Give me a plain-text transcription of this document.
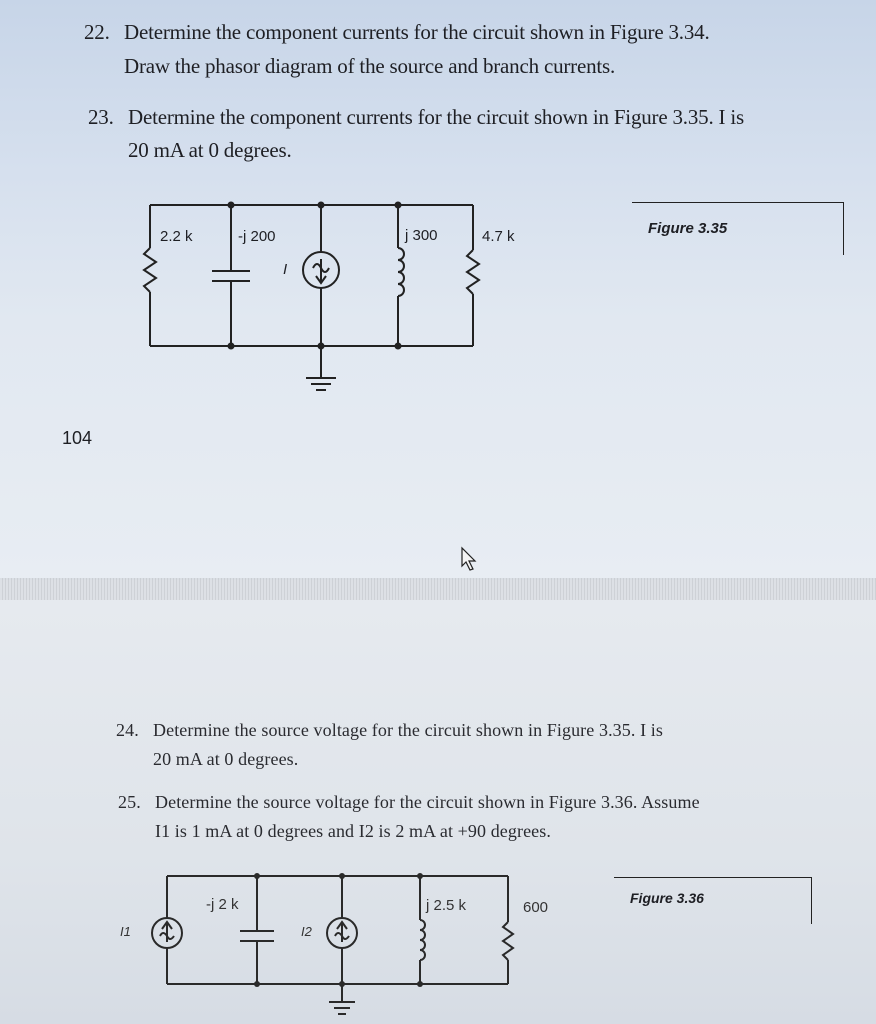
22. Determine the component currents for the circuit shown in Figure 3.34.
Draw the phasor diagram of the source and branch currents.
23. Determine the component currents for the circuit shown in Figure 3.35. I is
20 mA at 0 degrees.
2.2 k	-j 200
I
j 300	4.7 k	Figure 3.35
104
24. Determine the source voltage for the circuit shown in Figure 3.35. I is
20 mA at 0 degrees.
25. Determine the source voltage for the circuit shown in Figure 3.36. Assume
I1 is 1 mA at 0 degrees and I2 is 2 mA at +90 degrees.
I1
-j 2 k
I2
j 2.5 k	600
Figure 3.36
